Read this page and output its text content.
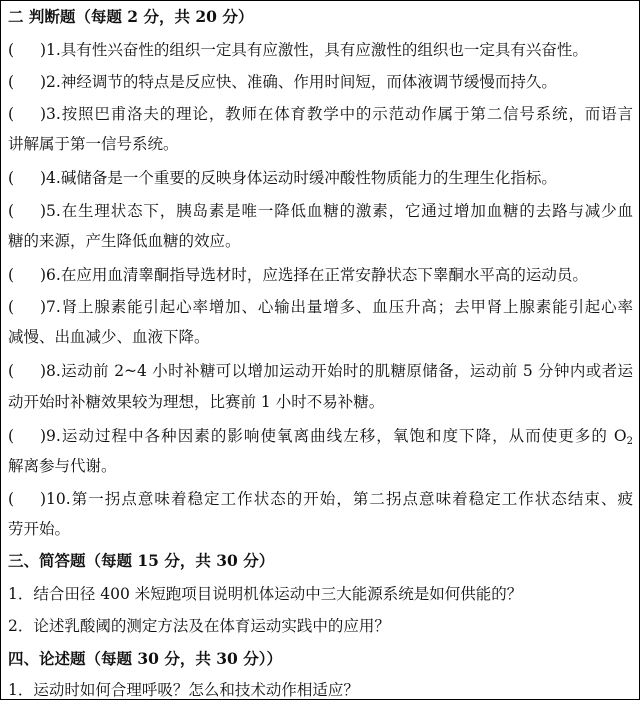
二 判断题（每题 2 分，共 20 分）
( )1.具有性兴奋性的组织一定具有应激性，具有应激性的组织也一定具有兴奋性。
( )2.神经调节的特点是反应快、准确、作用时间短，而体液调节缓慢而持久。
( )3.按照巴甫洛夫的理论，教师在体育教学中的示范动作属于第二信号系统，而语言
讲解属于第一信号系统。
( )4.碱储备是一个重要的反映身体运动时缓冲酸性物质能力的生理生化指标。
( )5.在生理状态下，胰岛素是唯一降低血糖的激素，它通过增加血糖的去路与减少血
糖的来源，产生降低血糖的效应。
( )6.在应用血清睾酮指导选材时，应选择在正常安静状态下睾酮水平高的运动员。
( )7.肾上腺素能引起心率增加、心输出量增多、血压升高；去甲肾上腺素能引起心率
减慢、出血减少、血液下降。
( )8.运动前 2~4 小时补糖可以增加运动开始时的肌糖原储备，运动前 5 分钟内或者运
动开始时补糖效果较为理想，比赛前 1 小时不易补糖。
( )9.运动过程中各种因素的影响使氧离曲线左移，氧饱和度下降，从而使更多的 $O_2$
解离参与代谢。
( )10.第一拐点意味着稳定工作状态的开始，第二拐点意味着稳定工作状态结束、疲
劳开始。
三、简答题（每题 15 分，共 30 分）
1．结合田径 400 米短跑项目说明机体运动中三大能源系统是如何供能的？
2．论述乳酸阈的测定方法及在体育运动实践中的应用？
四、论述题（每题 30 分，共 30 分））
1．运动时如何合理呼吸？怎么和技术动作相适应？
